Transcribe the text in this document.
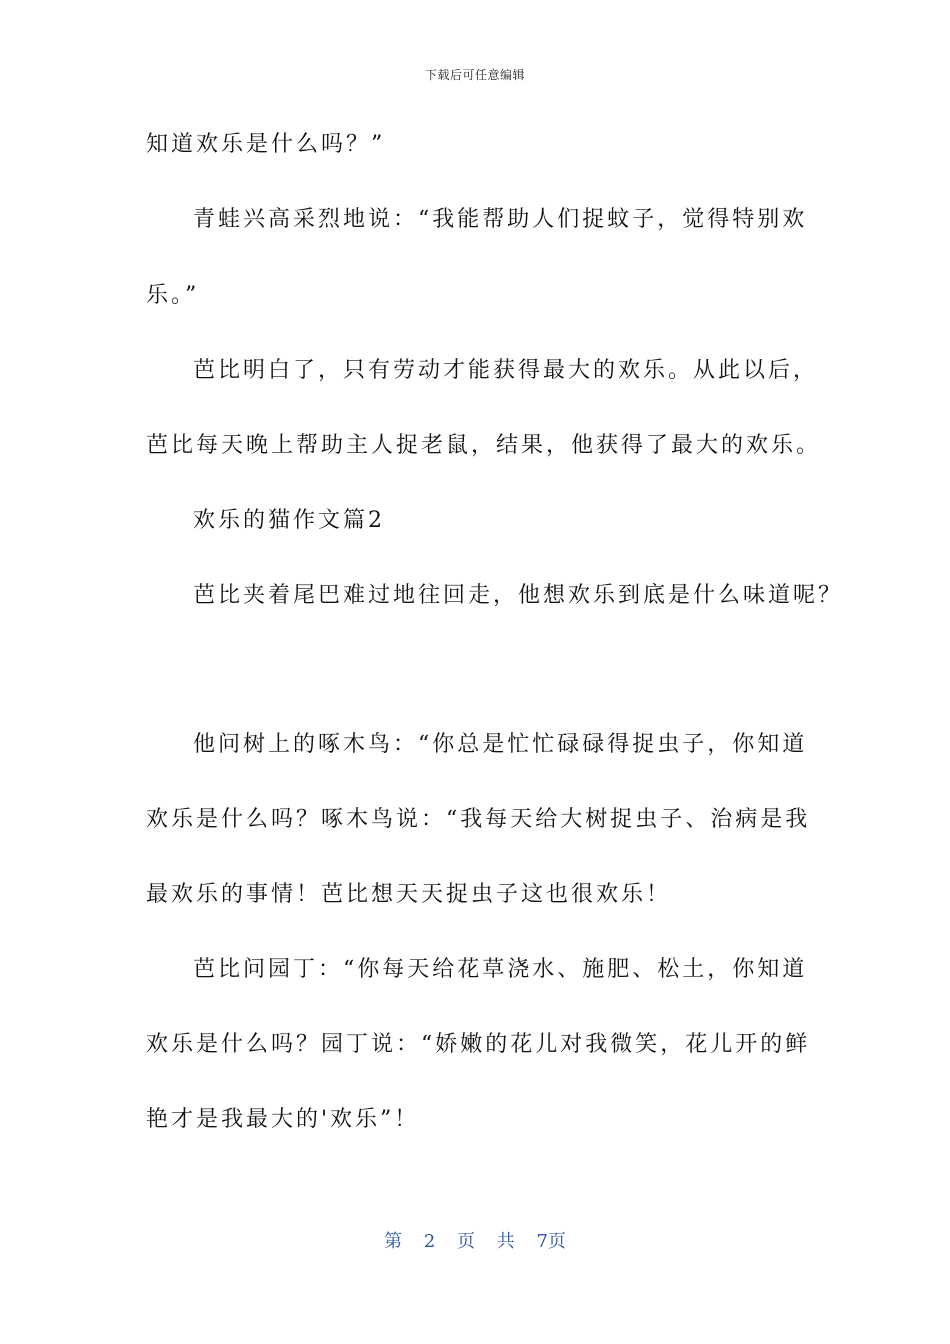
下载后可任意编辑
知道欢乐是什么吗？”
青蛙兴高采烈地说：“我能帮助人们捉蚊子，觉得特别欢
乐。”
芭比明白了，只有劳动才能获得最大的欢乐。从此以后，
芭比每天晚上帮助主人捉老鼠，结果，他获得了最大的欢乐。
欢乐的猫作文篇2
芭比夹着尾巴难过地往回走，他想欢乐到底是什么味道呢？
他问树上的啄木鸟：“你总是忙忙碌碌得捉虫子，你知道
欢乐是什么吗？啄木鸟说：“我每天给大树捉虫子、治病是我
最欢乐的事情！芭比想天天捉虫子这也很欢乐！
芭比问园丁：“你每天给花草浇水、施肥、松土，你知道
欢乐是什么吗？园丁说：“娇嫩的花儿对我微笑，花儿开的鲜
艳才是我最大的'欢乐”！
第 2 页 共 7页
